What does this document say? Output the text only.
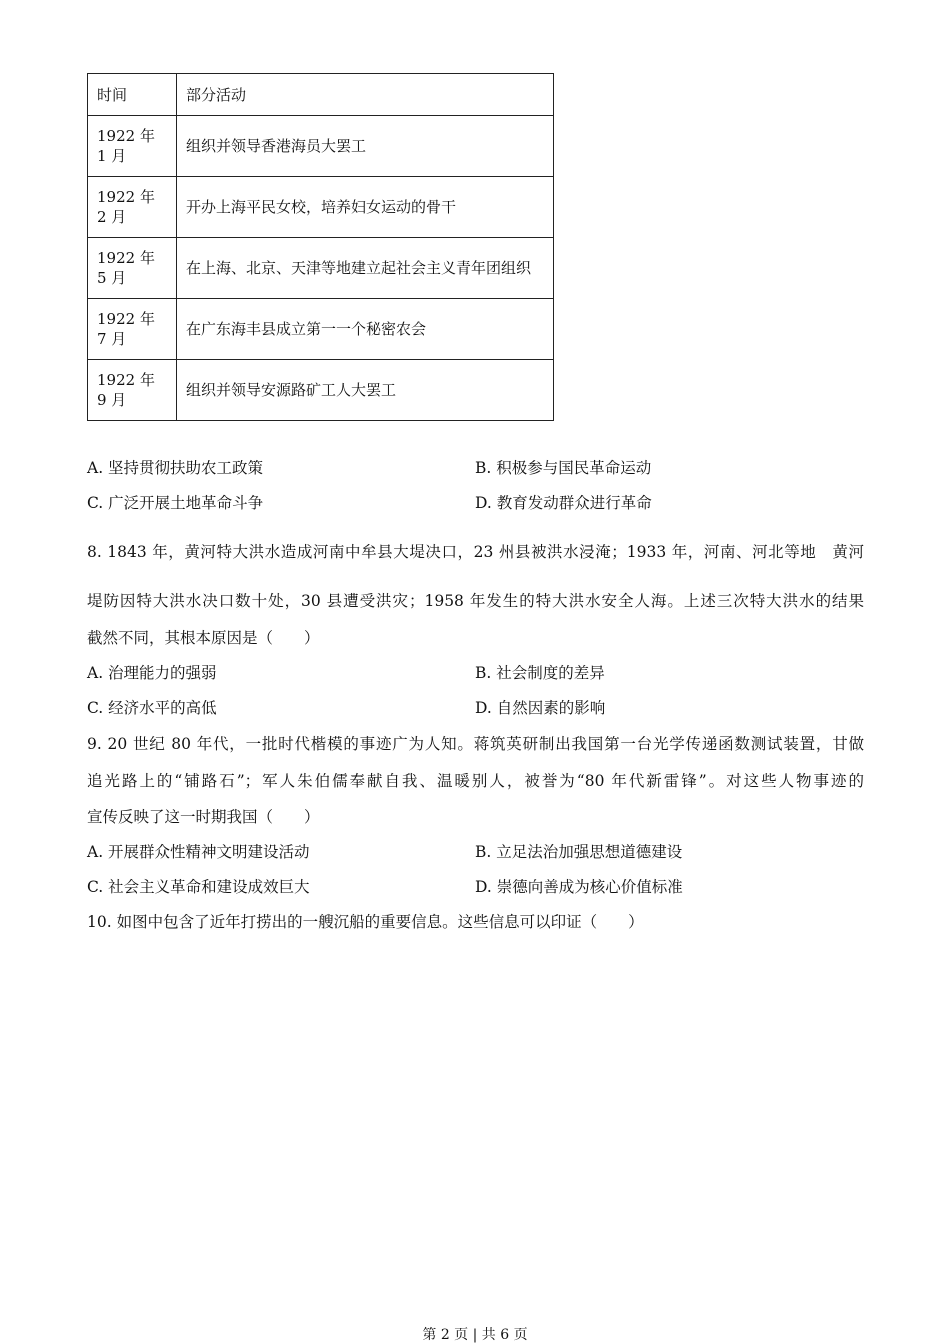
时间	部分活动
1922 年 1 月	组织并领导香港海员大罢工
1922 年 2 月	开办上海平民女校，培养妇女运动的骨干
1922 年 5 月	在上海、北京、天津等地建立起社会主义青年团组织
1922 年 7 月	在广东海丰县成立第一一个秘密农会
1922 年 9 月	组织并领导安源路矿工人大罢工
A. 坚持贯彻扶助农工政策	B. 积极参与国民革命运动
C. 广泛开展土地革命斗争	D. 教育发动群众进行革命
8. 1843 年，黄河特大洪水造成河南中牟县大堤决口，23 州县被洪水浸淹；1933 年，河南、河北等地　黄河
堤防因特大洪水决口数十处，30 县遭受洪灾；1958 年发生的特大洪水安全人海。上述三次特大洪水的结果
截然不同，其根本原因是（　　）
A. 治理能力的强弱	B. 社会制度的差异
C. 经济水平的高低	D. 自然因素的影响
9. 20 世纪 80 年代，一批时代楷模的事迹广为人知。蒋筑英研制出我国第一台光学传递函数测试装置，甘做
追光路上的“铺路石”；军人朱伯儒奉献自我、温暖别人，被誉为“80 年代新雷锋”。对这些人物事迹的
宣传反映了这一时期我国（　　）
A. 开展群众性精神文明建设活动	B. 立足法治加强思想道德建设
C. 社会主义革命和建设成效巨大	D. 崇德向善成为核心价值标准
10. 如图中包含了近年打捞出的一艘沉船的重要信息。这些信息可以印证（　　）
第 2 页 | 共 6 页
